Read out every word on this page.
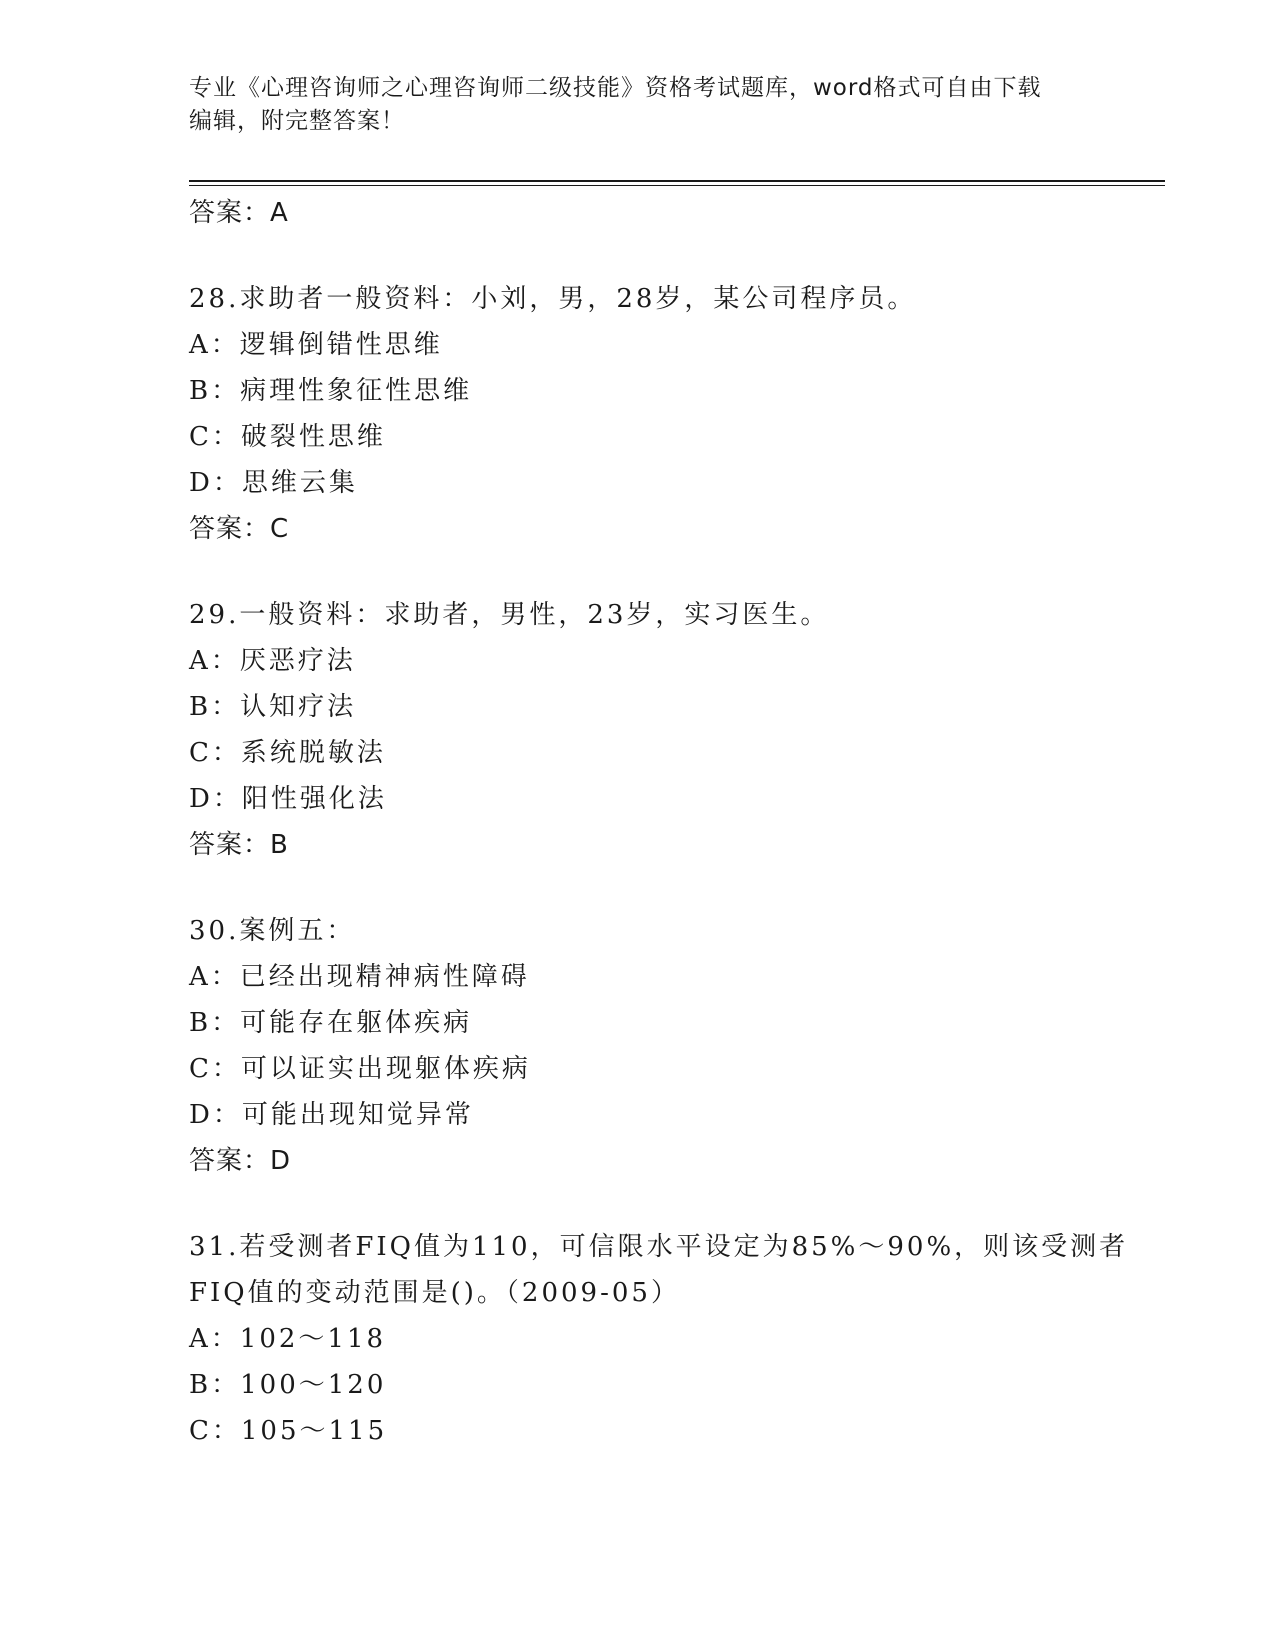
专业《心理咨询师之心理咨询师二级技能》资格考试题库，word格式可自由下载
编辑，附完整答案！
答案：A
28.求助者一般资料：小刘，男，28岁，某公司程序员。
A：逻辑倒错性思维
B：病理性象征性思维
C：破裂性思维
D：思维云集
答案：C
29.一般资料：求助者，男性，23岁，实习医生。
A：厌恶疗法
B：认知疗法
C：系统脱敏法
D：阳性强化法
答案：B
30.案例五：
A：已经出现精神病性障碍
B：可能存在躯体疾病
C：可以证实出现躯体疾病
D：可能出现知觉异常
答案：D
31.若受测者FIQ值为110，可信限水平设定为85%～90%，则该受测者
FIQ值的变动范围是()。（2009-05）
A：102～118
B：100～120
C：105～115
